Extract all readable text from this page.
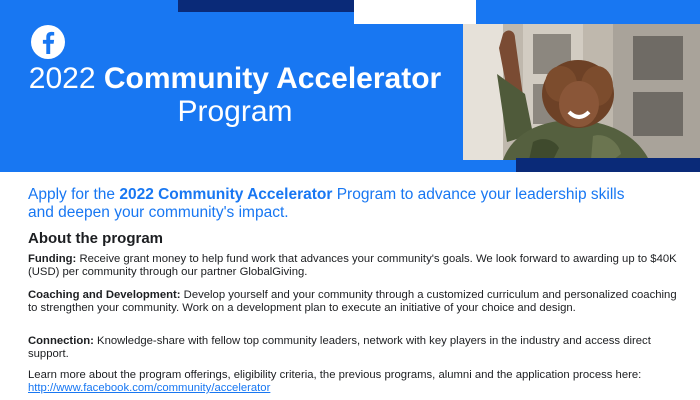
2022 Community Accelerator
Program
Apply for the 2022 Community Accelerator Program to advance your leadership skills and deepen your community's impact.
About the program
Funding: Receive grant money to help fund work that advances your community's goals. We look forward to awarding up to $40K (USD) per community through our partner GlobalGiving.
Coaching and Development: Develop yourself and your community through a customized curriculum and personalized coaching to strengthen your community. Work on a development plan to execute an initiative of your choice and design.
Connection: Knowledge-share with fellow top community leaders, network with key players in the industry and access direct support.
Learn more about the program offerings, eligibility criteria, the previous programs, alumni and the application process here: http://www.facebook.com/community/accelerator
